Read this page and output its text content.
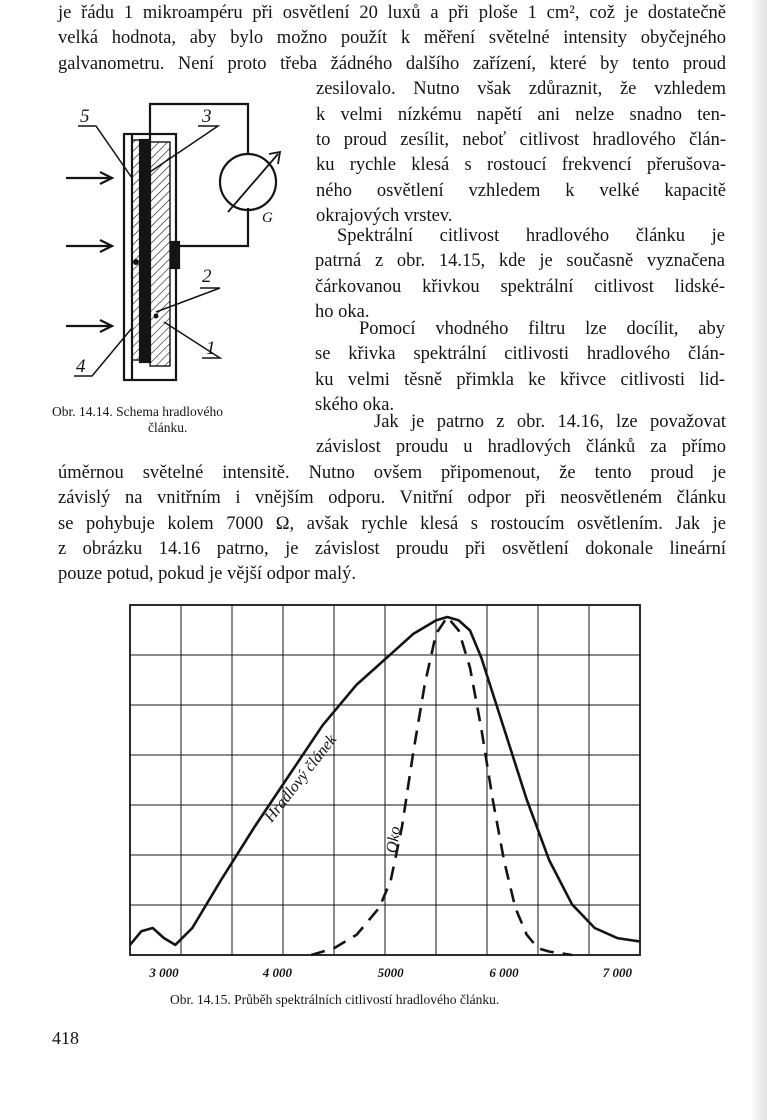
je řádu 1 mikroampéru při osvětlení 20 luxů a při ploše 1 cm², což je dostatečně
velká hodnota, aby bylo možno použít k měření světelné intensity obyčejného
galvanometru. Není proto třeba žádného dalšího zařízení, které by tento proud
zesilovalo. Nutno však zdůraznit, že vzhledem
k velmi nízkému napětí ani nelze snadno ten-
to proud zesílit, neboť citlivost hradlového člán-
ku rychle klesá s rostoucí frekvencí přerušova-
ného osvětlení vzhledem k velké kapacitě
okrajových vrstev.
Spektrální citlivost hradlového článku je
patrná z obr. 14.15, kde je současně vyznačena
čárkovanou křivkou spektrální citlivost lidské-
ho oka.
Pomocí vhodného filtru lze docílit, aby
se křivka spektrální citlivosti hradlového člán-
ku velmi těsně přimkla ke křivce citlivosti lid-
ského oka.
Jak je patrno z obr. 14.16, lze považovat
závislost proudu u hradlových článků za přímo
úměrnou světelné intensitě. Nutno ovšem připomenout, že tento proud je
závislý na vnitřním i vnějším odporu. Vnitřní odpor při neosvětleném článku
se pohybuje kolem 7000 Ω, avšak rychle klesá s rostoucím osvětlením. Jak je
z obrázku 14.16 patrno, je závislost proudu při osvětlení dokonale lineární
pouze potud, pokud je vější odpor malý.
5	3
2
1
4
G
Obr. 14.14. Schema hradlového
článku.
3 000	4 000	5000	6 000	7 000
Hradlový článek
Oko
Obr. 14.15. Průběh spektrálních citlivostí hradlového článku.
418
